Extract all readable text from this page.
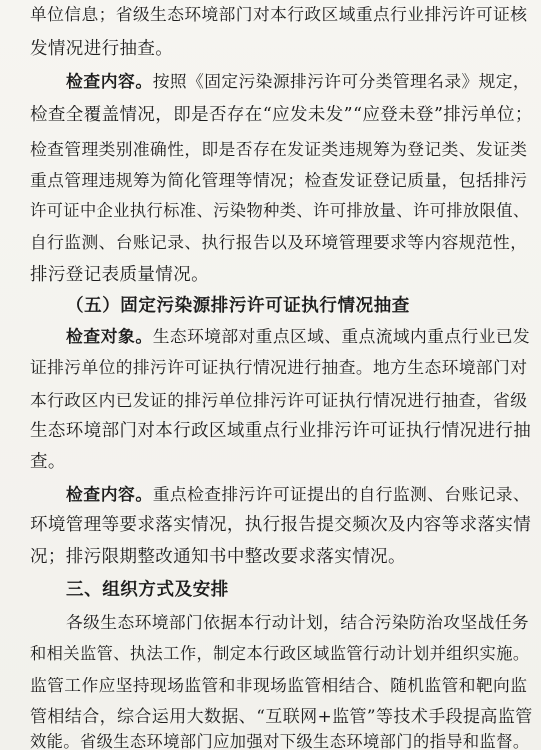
单位信息；省级生态环境部门对本行政区域重点行业排污许可证核
发情况进行抽查。
检查内容。按照《固定污染源排污许可分类管理名录》规定，
检查全覆盖情况，即是否存在“应发未发”“应登未登”排污单位；
检查管理类别准确性，即是否存在发证类违规筹为登记类、发证类
重点管理违规筹为简化管理等情况；检查发证登记质量，包括排污
许可证中企业执行标准、污染物种类、许可排放量、许可排放限值、
自行监测、台账记录、执行报告以及环境管理要求等内容规范性，
排污登记表质量情况。
（五）固定污染源排污许可证执行情况抽查
检查对象。生态环境部对重点区域、重点流域内重点行业已发
证排污单位的排污许可证执行情况进行抽查。地方生态环境部门对
本行政区内已发证的排污单位排污许可证执行情况进行抽查，省级
生态环境部门对本行政区域重点行业排污许可证执行情况进行抽
查。
检查内容。重点检查排污许可证提出的自行监测、台账记录、
环境管理等要求落实情况，执行报告提交频次及内容等求落实情
况；排污限期整改通知书中整改要求落实情况。
三、组织方式及安排
各级生态环境部门依据本行动计划，结合污染防治攻坚战任务
和相关监管、执法工作，制定本行政区域监管行动计划并组织实施。
监管工作应坚持现场监管和非现场监管相结合、随机监管和靶向监
管相结合，综合运用大数据、“互联网+监管”等技术手段提高监管
效能。省级生态环境部门应加强对下级生态环境部门的指导和监督。
